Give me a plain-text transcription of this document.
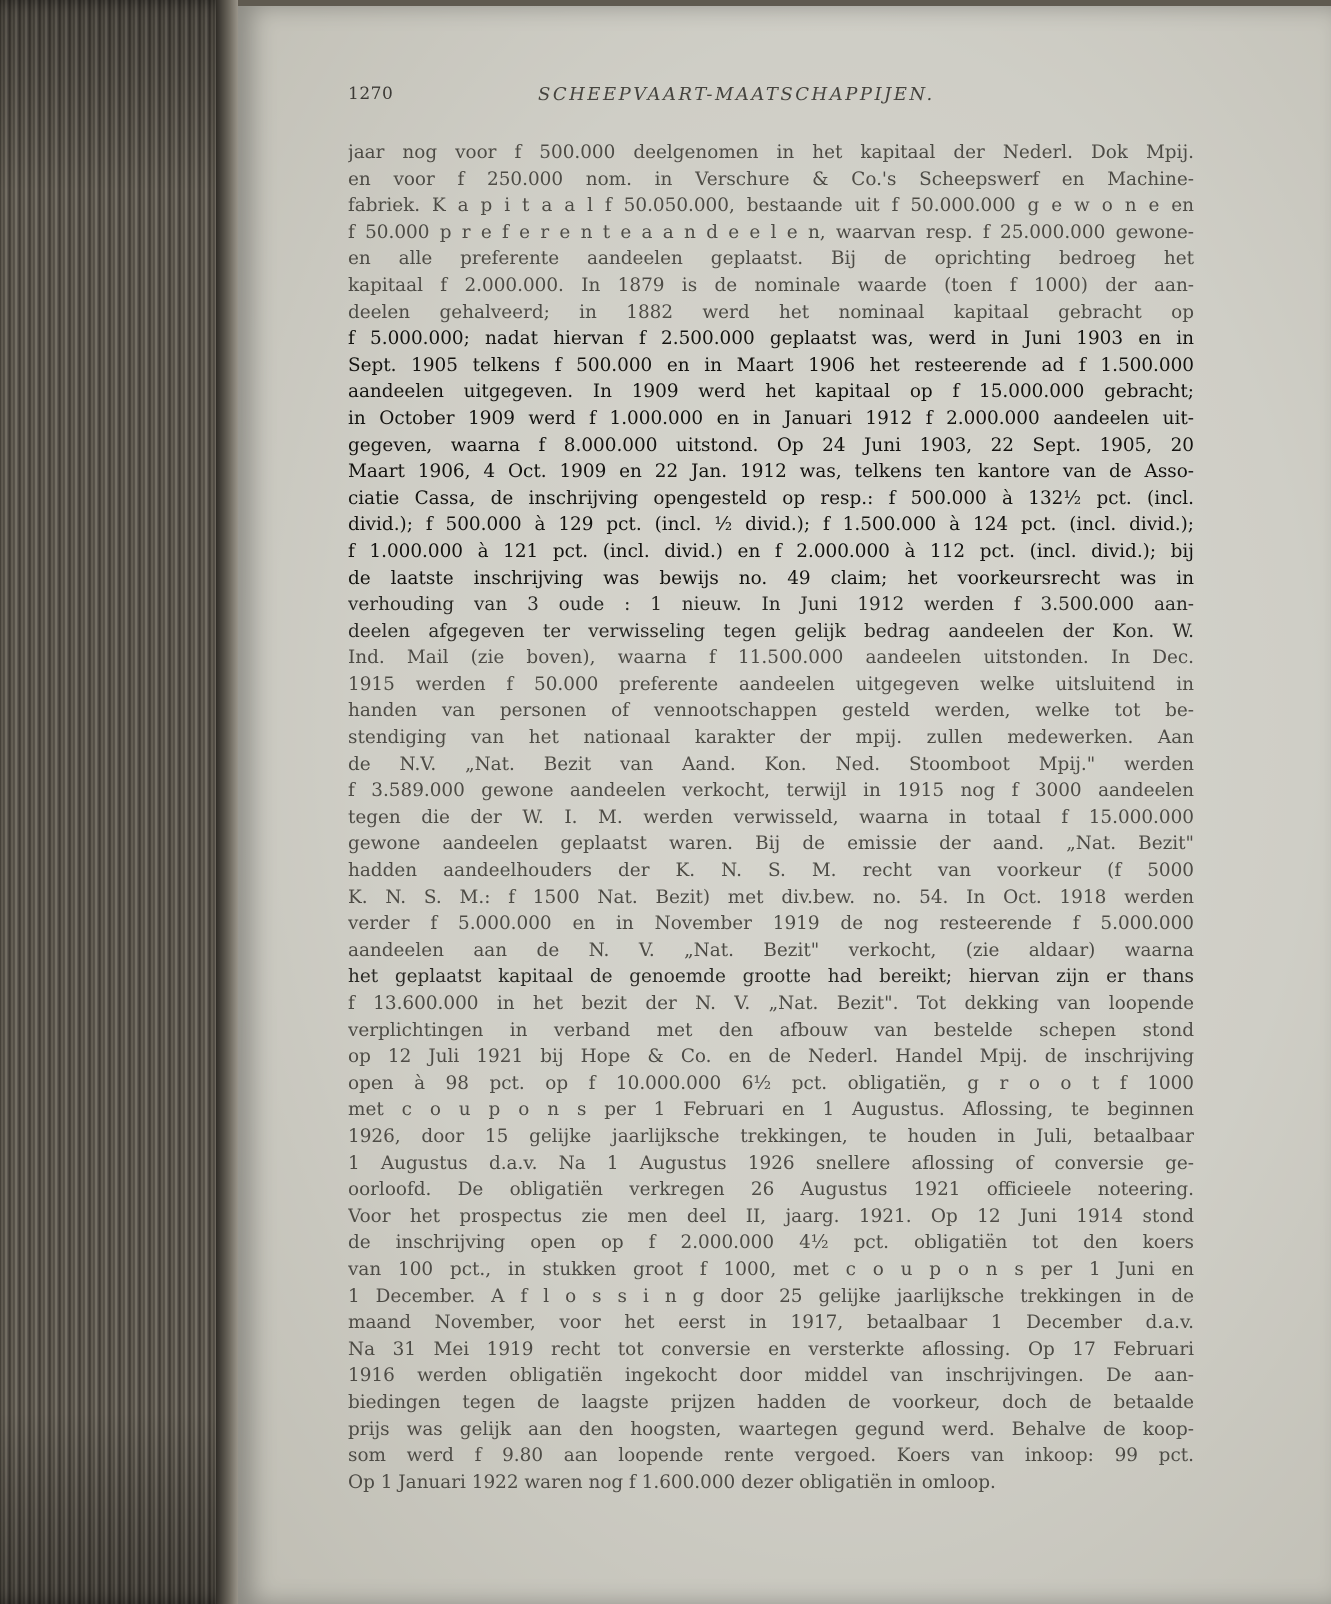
1270	SCHEEPVAART-MAATSCHAPPIJEN.
jaar nog voor f 500.000 deelgenomen in het kapitaal der Nederl. Dok Mpij.
en voor f 250.000 nom. in Verschure & Co.'s Scheepswerf en Machine-
fabriek. K a p i t a a l f 50.050.000, bestaande uit f 50.000.000 g e w o n e en
f 50.000 p r e f e r e n t e a a n d e e l e n, waarvan resp. f 25.000.000 gewone-
en alle preferente aandeelen geplaatst. Bij de oprichting bedroeg het
kapitaal f 2.000.000. In 1879 is de nominale waarde (toen f 1000) der aan-
deelen gehalveerd; in 1882 werd het nominaal kapitaal gebracht op
f 5.000.000; nadat hiervan f 2.500.000 geplaatst was, werd in Juni 1903 en in
Sept. 1905 telkens f 500.000 en in Maart 1906 het resteerende ad f 1.500.000
aandeelen uitgegeven. In 1909 werd het kapitaal op f 15.000.000 gebracht;
in October 1909 werd f 1.000.000 en in Januari 1912 f 2.000.000 aandeelen uit-
gegeven, waarna f 8.000.000 uitstond. Op 24 Juni 1903, 22 Sept. 1905, 20
Maart 1906, 4 Oct. 1909 en 22 Jan. 1912 was, telkens ten kantore van de Asso-
ciatie Cassa, de inschrijving opengesteld op resp.: f 500.000 à 132½ pct. (incl.
divid.); f 500.000 à 129 pct. (incl. ½ divid.); f 1.500.000 à 124 pct. (incl. divid.);
f 1.000.000 à 121 pct. (incl. divid.) en f 2.000.000 à 112 pct. (incl. divid.); bij
de laatste inschrijving was bewijs no. 49 claim; het voorkeursrecht was in
verhouding van 3 oude : 1 nieuw. In Juni 1912 werden f 3.500.000 aan-
deelen afgegeven ter verwisseling tegen gelijk bedrag aandeelen der Kon. W.
Ind. Mail (zie boven), waarna f 11.500.000 aandeelen uitstonden. In Dec.
1915 werden f 50.000 preferente aandeelen uitgegeven welke uitsluitend in
handen van personen of vennootschappen gesteld werden, welke tot be-
stendiging van het nationaal karakter der mpij. zullen medewerken. Aan
de N.V. „Nat. Bezit van Aand. Kon. Ned. Stoomboot Mpij." werden
f 3.589.000 gewone aandeelen verkocht, terwijl in 1915 nog f 3000 aandeelen
tegen die der W. I. M. werden verwisseld, waarna in totaal f 15.000.000
gewone aandeelen geplaatst waren. Bij de emissie der aand. „Nat. Bezit"
hadden aandeelhouders der K. N. S. M. recht van voorkeur (f 5000
K. N. S. M.: f 1500 Nat. Bezit) met div.bew. no. 54. In Oct. 1918 werden
verder f 5.000.000 en in November 1919 de nog resteerende f 5.000.000
aandeelen aan de N. V. „Nat. Bezit" verkocht, (zie aldaar) waarna
het geplaatst kapitaal de genoemde grootte had bereikt; hiervan zijn er thans
f 13.600.000 in het bezit der N. V. „Nat. Bezit". Tot dekking van loopende
verplichtingen in verband met den afbouw van bestelde schepen stond
op 12 Juli 1921 bij Hope & Co. en de Nederl. Handel Mpij. de inschrijving
open à 98 pct. op f 10.000.000 6½ pct. obligatiën, g r o o t f 1000
met c o u p o n s per 1 Februari en 1 Augustus. Aflossing, te beginnen
1926, door 15 gelijke jaarlijksche trekkingen, te houden in Juli, betaalbaar
1 Augustus d.a.v. Na 1 Augustus 1926 snellere aflossing of conversie ge-
oorloofd. De obligatiën verkregen 26 Augustus 1921 officieele noteering.
Voor het prospectus zie men deel II, jaarg. 1921. Op 12 Juni 1914 stond
de inschrijving open op f 2.000.000 4½ pct. obligatiën tot den koers
van 100 pct., in stukken groot f 1000, met c o u p o n s per 1 Juni en
1 December. A f l o s s i n g door 25 gelijke jaarlijksche trekkingen in de
maand November, voor het eerst in 1917, betaalbaar 1 December d.a.v.
Na 31 Mei 1919 recht tot conversie en versterkte aflossing. Op 17 Februari
1916 werden obligatiën ingekocht door middel van inschrijvingen. De aan-
biedingen tegen de laagste prijzen hadden de voorkeur, doch de betaalde
prijs was gelijk aan den hoogsten, waartegen gegund werd. Behalve de koop-
som werd f 9.80 aan loopende rente vergoed. Koers van inkoop: 99 pct.
Op 1 Januari 1922 waren nog f 1.600.000 dezer obligatiën in omloop.
